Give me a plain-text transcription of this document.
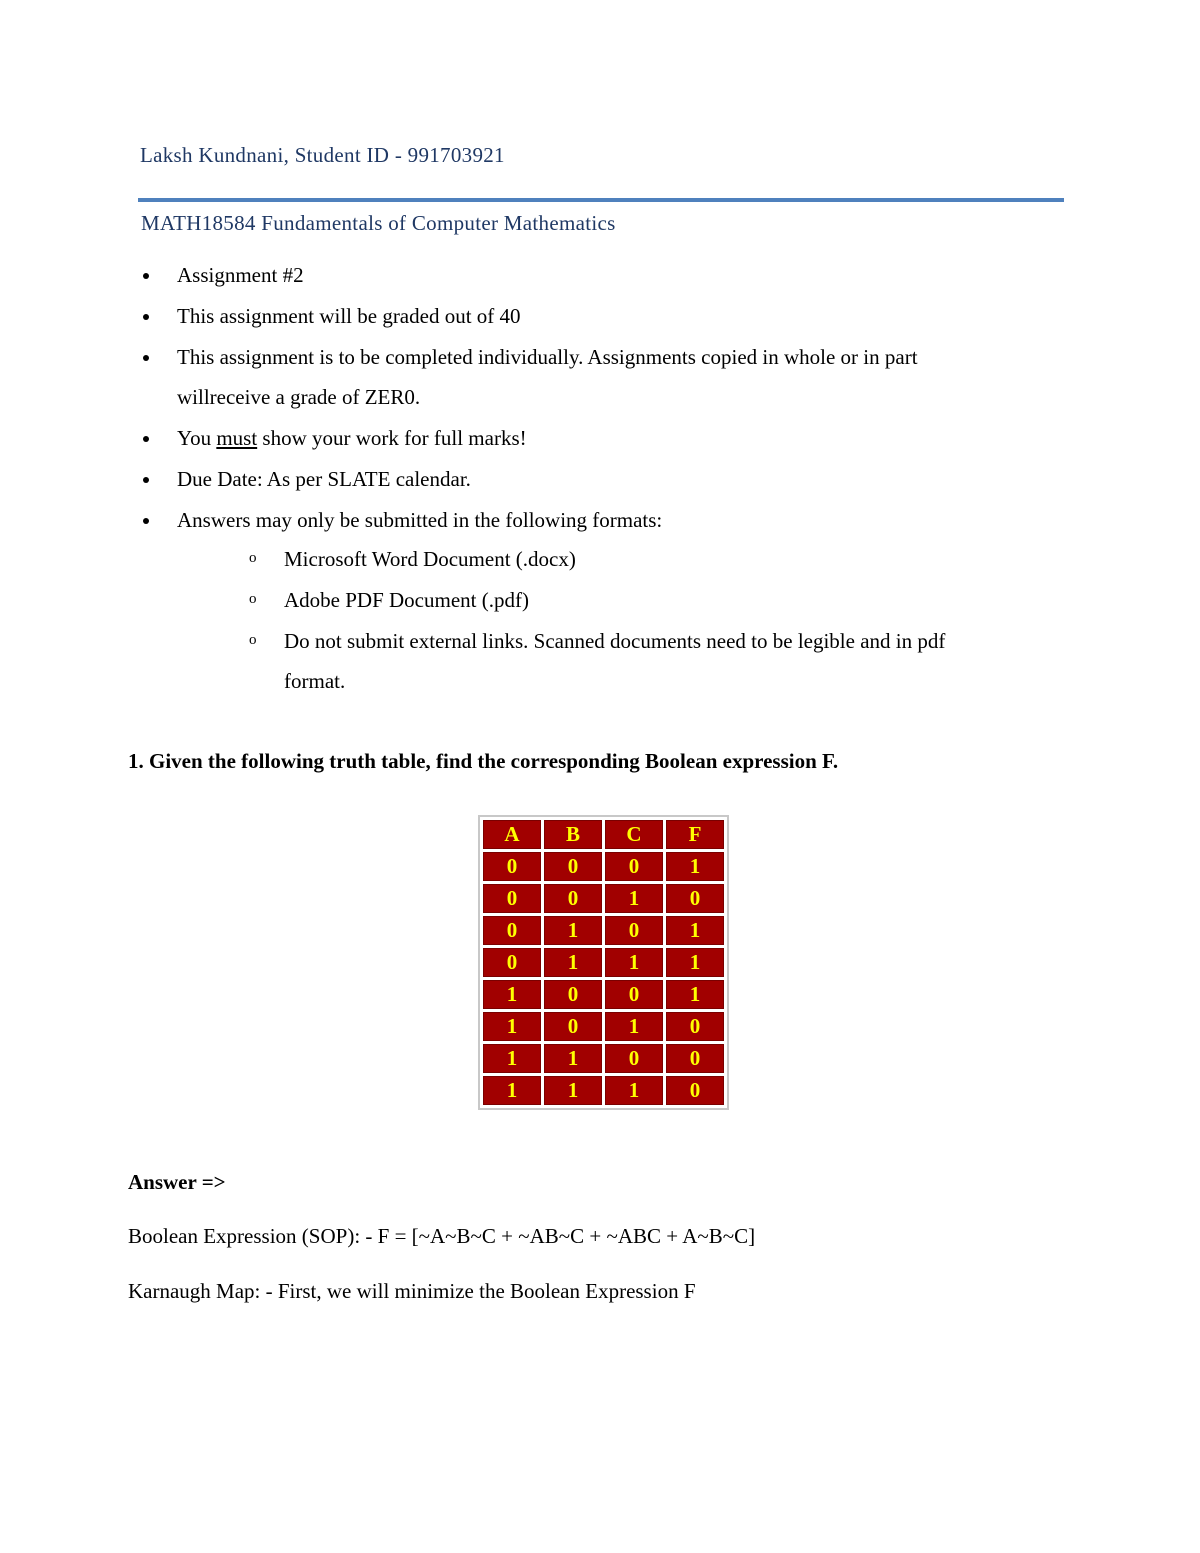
Laksh Kundnani, Student ID - 991703921
MATH18584 Fundamentals of Computer Mathematics
Assignment #2
This assignment will be graded out of 40
This assignment is to be completed individually. Assignments copied in whole or in part
willreceive a grade of ZER0.
You must show your work for full marks!
Due Date: As per SLATE calendar.
Answers may only be submitted in the following formats:
o Microsoft Word Document (.docx)
o Adobe PDF Document (.pdf)
o Do not submit external links. Scanned documents need to be legible and in pdf
format.
1. Given the following truth table, find the corresponding Boolean expression F.
A	B	C	F
0	0	0	1
0	0	1	0
0	1	0	1
0	1	1	1
1	0	0	1
1	0	1	0
1	1	0	0
1	1	1	0
Answer =>
Boolean Expression (SOP): - F = [~A~B~C + ~AB~C + ~ABC + A~B~C]
Karnaugh Map: - First, we will minimize the Boolean Expression F
